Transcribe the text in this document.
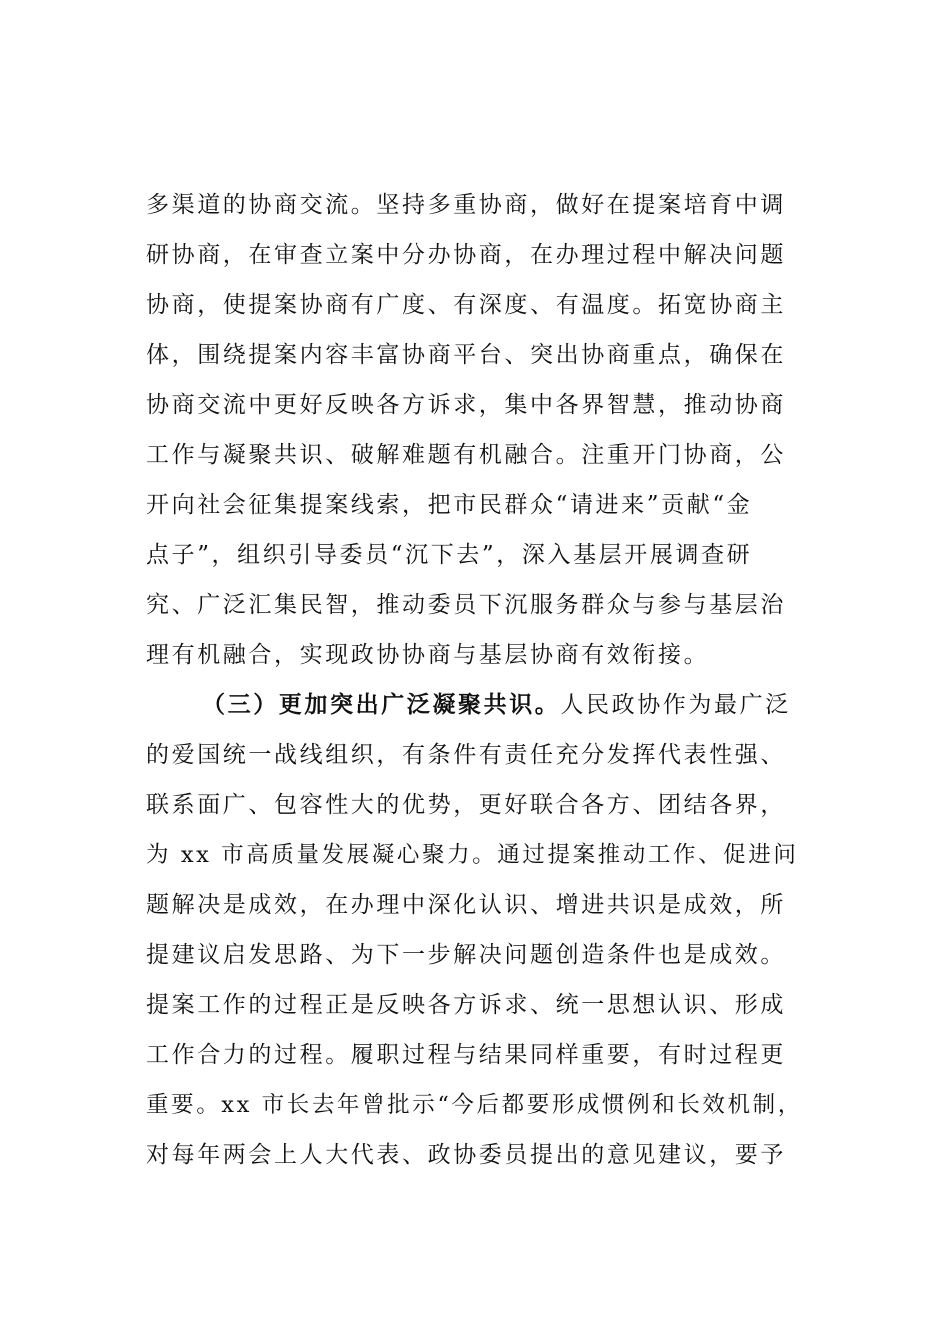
多渠道的协商交流。坚持多重协商，做好在提案培育中调
研协商，在审查立案中分办协商，在办理过程中解决问题
协商，使提案协商有广度、有深度、有温度。拓宽协商主
体，围绕提案内容丰富协商平台、突出协商重点，确保在
协商交流中更好反映各方诉求，集中各界智慧，推动协商
工作与凝聚共识、破解难题有机融合。注重开门协商，公
开向社会征集提案线索，把市民群众“请进来”贡献“金
点子”，组织引导委员“沉下去”，深入基层开展调查研
究、广泛汇集民智，推动委员下沉服务群众与参与基层治
理有机融合，实现政协协商与基层协商有效衔接。
（三）更加突出广泛凝聚共识。人民政协作为最广泛
的爱国统一战线组织，有条件有责任充分发挥代表性强、
联系面广、包容性大的优势，更好联合各方、团结各界，
为 xx 市高质量发展凝心聚力。通过提案推动工作、促进问
题解决是成效，在办理中深化认识、增进共识是成效，所
提建议启发思路、为下一步解决问题创造条件也是成效。
提案工作的过程正是反映各方诉求、统一思想认识、形成
工作合力的过程。履职过程与结果同样重要，有时过程更
重要。xx 市长去年曾批示“今后都要形成惯例和长效机制，
对每年两会上人大代表、政协委员提出的意见建议，要予
